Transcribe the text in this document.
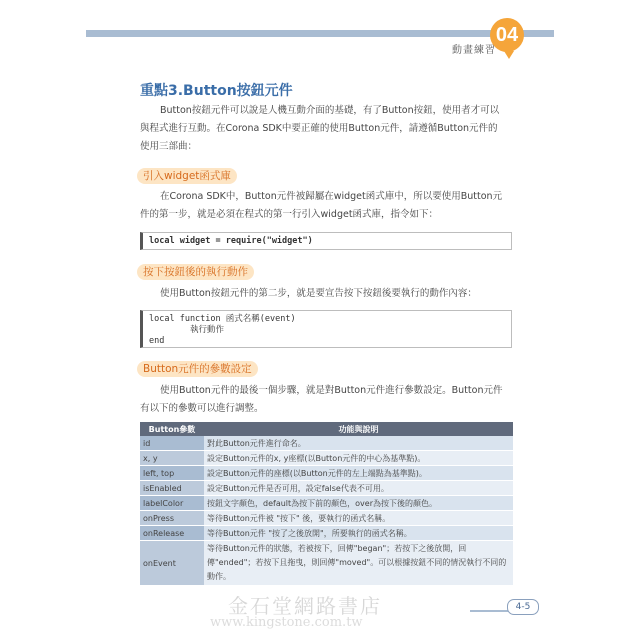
動畫練習
04
重點3.Button按鈕元件
Button按鈕元件可以說是人機互動介面的基礎，有了Button按鈕，使用者才可以
與程式進行互動。在Corona SDK中要正確的使用Button元件，請遵循Button元件的
使用三部曲：
引入widget函式庫
在Corona SDK中，Button元件被歸屬在widget函式庫中，所以要使用Button元
件的第一步，就是必須在程式的第一行引入widget函式庫，指令如下：
local widget = require("widget")
按下按鈕後的執行動作
使用Button按鈕元件的第二步，就是要宣告按下按鈕後要執行的動作內容：
local function 函式名稱(event)
執行動作
end
Button元件的參數設定
使用Button元件的最後一個步驟，就是對Button元件進行參數設定。Button元件
有以下的參數可以進行調整。
Button參數	功能與說明
id	對此Button元件進行命名。
x, y	設定Button元件的x, y座標(以Button元件的中心為基準點)。
left, top	設定Button元件的座標(以Button元件的左上端點為基準點)。
isEnabled	設定Button元件是否可用，設定false代表不可用。
labelColor	按鈕文字顏色，default為按下前的顏色，over為按下後的顏色。
onPress	等待Button元件被 "按下" 後，要執行的函式名稱。
onRelease	等待Button元件 "按了之後放開"，所要執行的函式名稱。
onEvent	等待Button元件的狀態，若被按下，回傳"began"；若按下之後放開，回傳"ended"；若按下且拖曳，則回傳"moved"。可以根據按鈕不同的情況執行不同的動作。
金石堂網路書店
www.kingstone.com.tw
4-5
